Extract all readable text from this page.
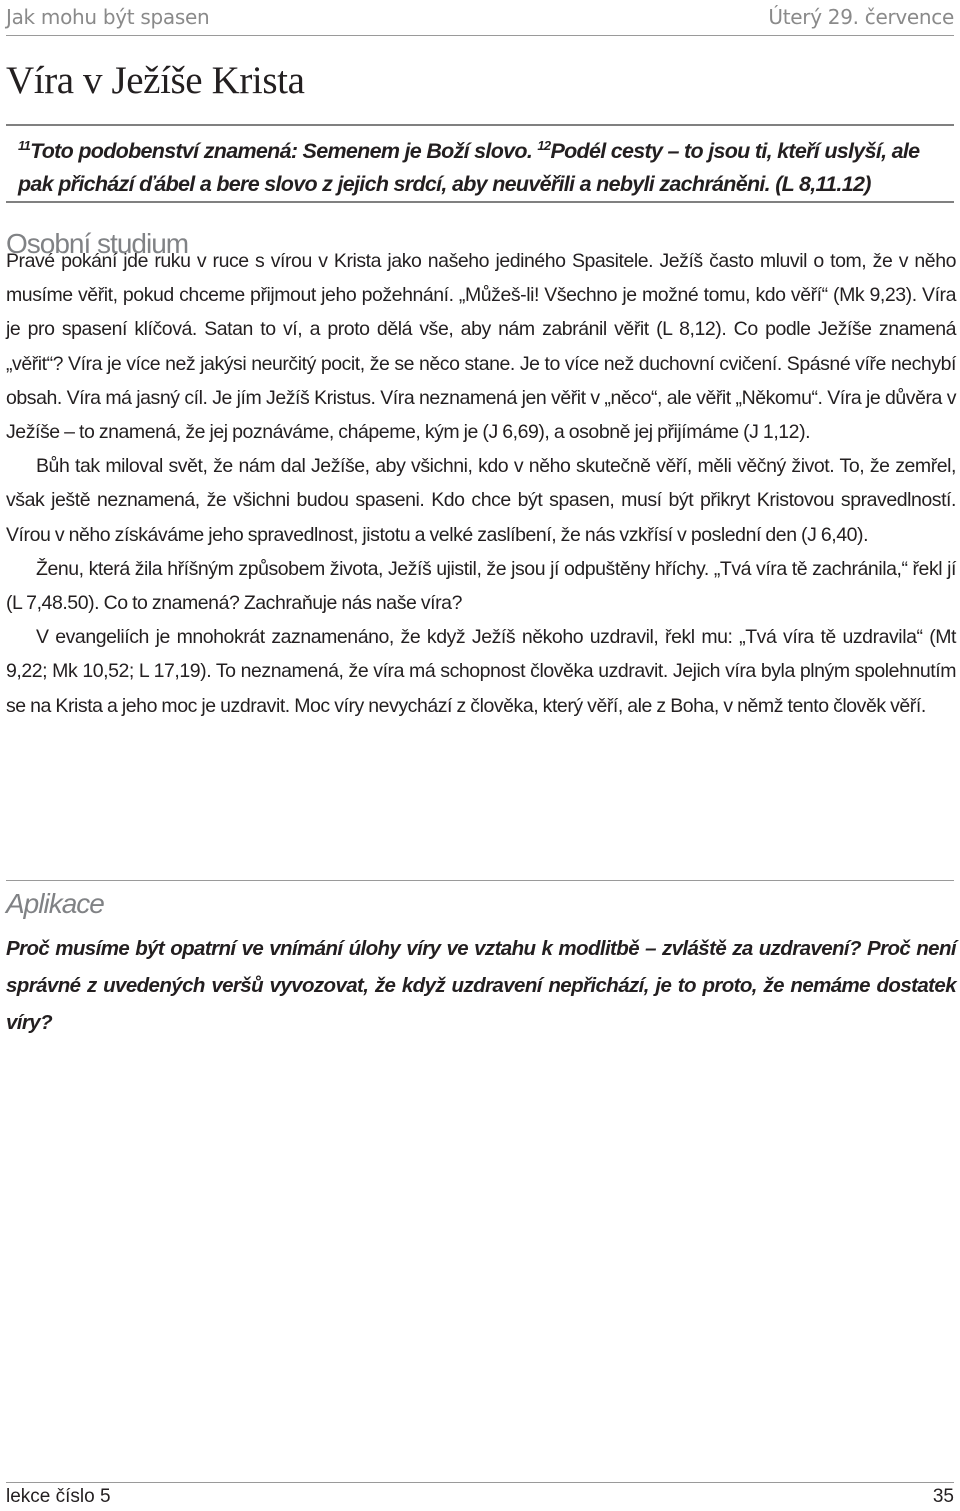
Jak mohu být spasen	Úterý 29. července
Víra v Ježíše Krista
$^{11}$Toto podobenství znamená: Semenem je Boží slovo. $^{12}$Podél cesty – to jsou ti, kteří uslyší, ale pak přichází ďábel a bere slovo z jejich srdcí, aby neuvěřili a nebyli zachráněni. (L 8,11.12)
Osobní studium

Pravé pokání jde ruku v ruce s vírou v Krista jako našeho jediného Spasitele. Ježíš často mluvil o tom, že v něho musíme věřit, pokud chceme přijmout jeho požehnání. „Můžeš-li! Všechno je možné tomu, kdo věří“ (Mk 9,23). Víra je pro spasení klíčová. Satan to ví, a proto dělá vše, aby nám zabránil věřit (L 8,12). Co podle Ježíše znamená „věřit“? Víra je více než jakýsi neurčitý pocit, že se něco stane. Je to více než duchovní cvičení. Spásné víře nechybí obsah. Víra má jasný cíl. Je jím Ježíš Kristus. Víra neznamená jen věřit v „něco“, ale věřit „Někomu“. Víra je důvěra v Ježíše – to znamená, že jej poznáváme, chápeme, kým je (J 6,69), a osobně jej přijímáme (J 1,12).

Bůh tak miloval svět, že nám dal Ježíše, aby všichni, kdo v něho skutečně věří, měli věčný život. To, že zemřel, však ještě neznamená, že všichni budou spaseni. Kdo chce být spasen, musí být přikryt Kristovou spravedlností. Vírou v něho získáváme jeho spravedlnost, jistotu a velké zaslíbení, že nás vzkřísí v poslední den (J 6,40).

Ženu, která žila hříšným způsobem života, Ježíš ujistil, že jsou jí odpuštěny hříchy. „Tvá víra tě zachránila,“ řekl jí (L 7,48.50). Co to znamená? Zachraňuje nás naše víra?

V evangeliích je mnohokrát zaznamenáno, že když Ježíš někoho uzdravil, řekl mu: „Tvá víra tě uzdravila“ (Mt 9,22; Mk 10,52; L 17,19). To neznamená, že víra má schopnost člověka uzdravit. Jejich víra byla plným spolehnutím se na Krista a jeho moc je uzdravit. Moc víry nevychází z člověka, který věří, ale z Boha, v němž tento člověk věří.

Aplikace
Proč musíme být opatrní ve vnímání úlohy víry ve vztahu k modlitbě – zvláště za uzdravení? Proč není správné z uvedených veršů vyvozovat, že když uzdravení nepřichází, je to proto, že nemáme dostatek víry?
lekce číslo 5	35
